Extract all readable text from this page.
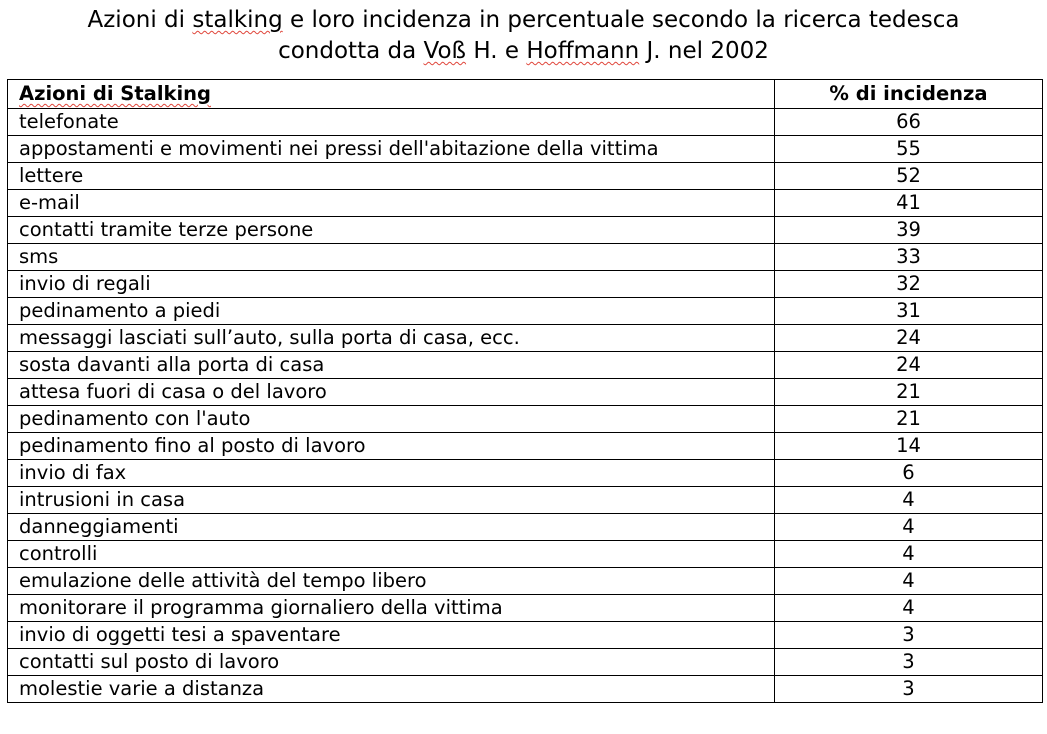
Azioni di stalking e loro incidenza in percentuale secondo la ricerca tedesca
condotta da Voß H. e Hoffmann J. nel 2002
Azioni di Stalking	% di incidenza
telefonate	66
appostamenti e movimenti nei pressi dell'abitazione della vittima	55
lettere	52
e-mail	41
contatti tramite terze persone	39
sms	33
invio di regali	32
pedinamento a piedi	31
messaggi lasciati sull’auto, sulla porta di casa, ecc.	24
sosta davanti alla porta di casa	24
attesa fuori di casa o del lavoro	21
pedinamento con l'auto	21
pedinamento fino al posto di lavoro	14
invio di fax	6
intrusioni in casa	4
danneggiamenti	4
controlli	4
emulazione delle attività del tempo libero	4
monitorare il programma giornaliero della vittima	4
invio di oggetti tesi a spaventare	3
contatti sul posto di lavoro	3
molestie varie a distanza	3
